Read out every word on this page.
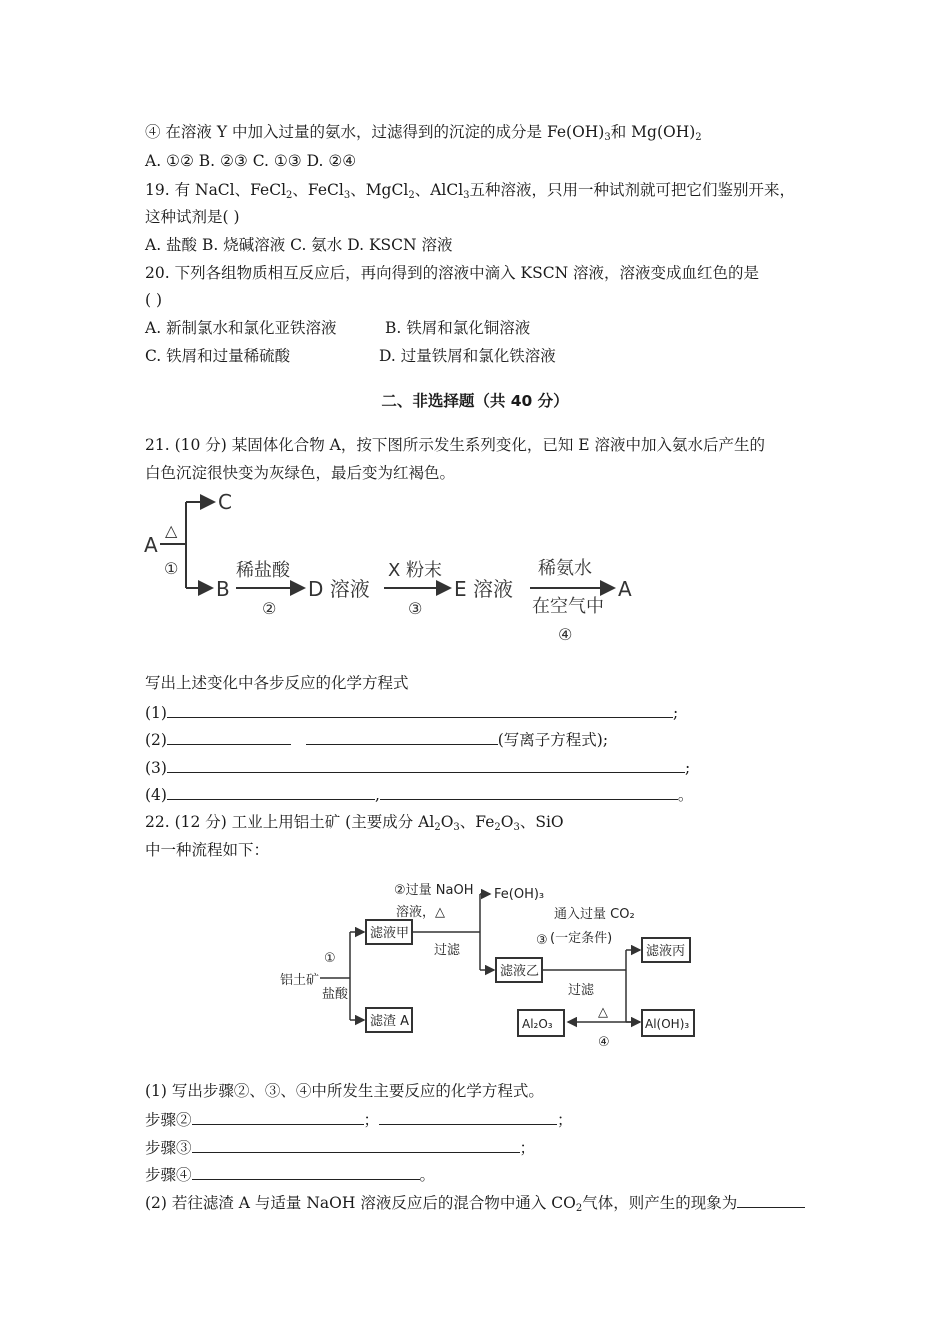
④ 在溶液 Y 中加入过量的氨水，过滤得到的沉淀的成分是 $Fe(OH)_3$和 $Mg(OH)_2$
A. ①② B. ②③ C. ①③ D. ②④
19. 有 NaCl、FeCl$_2$、FeCl$_3$、MgCl$_2$、AlCl$_3$五种溶液，只用一种试剂就可把它们鉴别开来，
这种试剂是( )
A. 盐酸 B. 烧碱溶液 C. 氨水 D. KSCN 溶液
20. 下列各组物质相互反应后，再向得到的溶液中滴入 KSCN 溶液，溶液变成血红色的是
( )
A. 新制氯水和氯化亚铁溶液	B. 铁屑和氯化铜溶液
C. 铁屑和过量稀硫酸	D. 过量铁屑和氯化铁溶液
二、非选择题（共 40 分）
21. (10 分) 某固体化合物 A，按下图所示发生系列变化，已知 E 溶液中加入氨水后产生的
白色沉淀很快变为灰绿色，最后变为红褐色。
A
△
①
C
B
稀盐酸
②
D 溶液
X 粉末
③
E 溶液
稀氨水
在空气中
④
A
写出上述变化中各步反应的化学方程式
(1)	;
(2)	(写离子方程式);
(3)	;
(4)	,	。
22. (12 分) 工业上用铝土矿 (主要成分 $Al_2O_3$、$Fe_2O_3$、SiO
中一种流程如下：
铝土矿
①
盐酸
滤液甲
滤渣 A
②过量 NaOH
溶液，△
Fe(OH)₃
过滤
滤液乙
通入过量 CO₂
③ (一定条件)
过滤
滤液丙
Al(OH)₃
△
④
Al₂O₃
(1) 写出步骤②、③、④中所发生主要反应的化学方程式。
步骤②	；	；
步骤③	；
步骤④	。
(2) 若往滤渣 A 与适量 NaOH 溶液反应后的混合物中通入 $CO_2$气体，则产生的现象为
